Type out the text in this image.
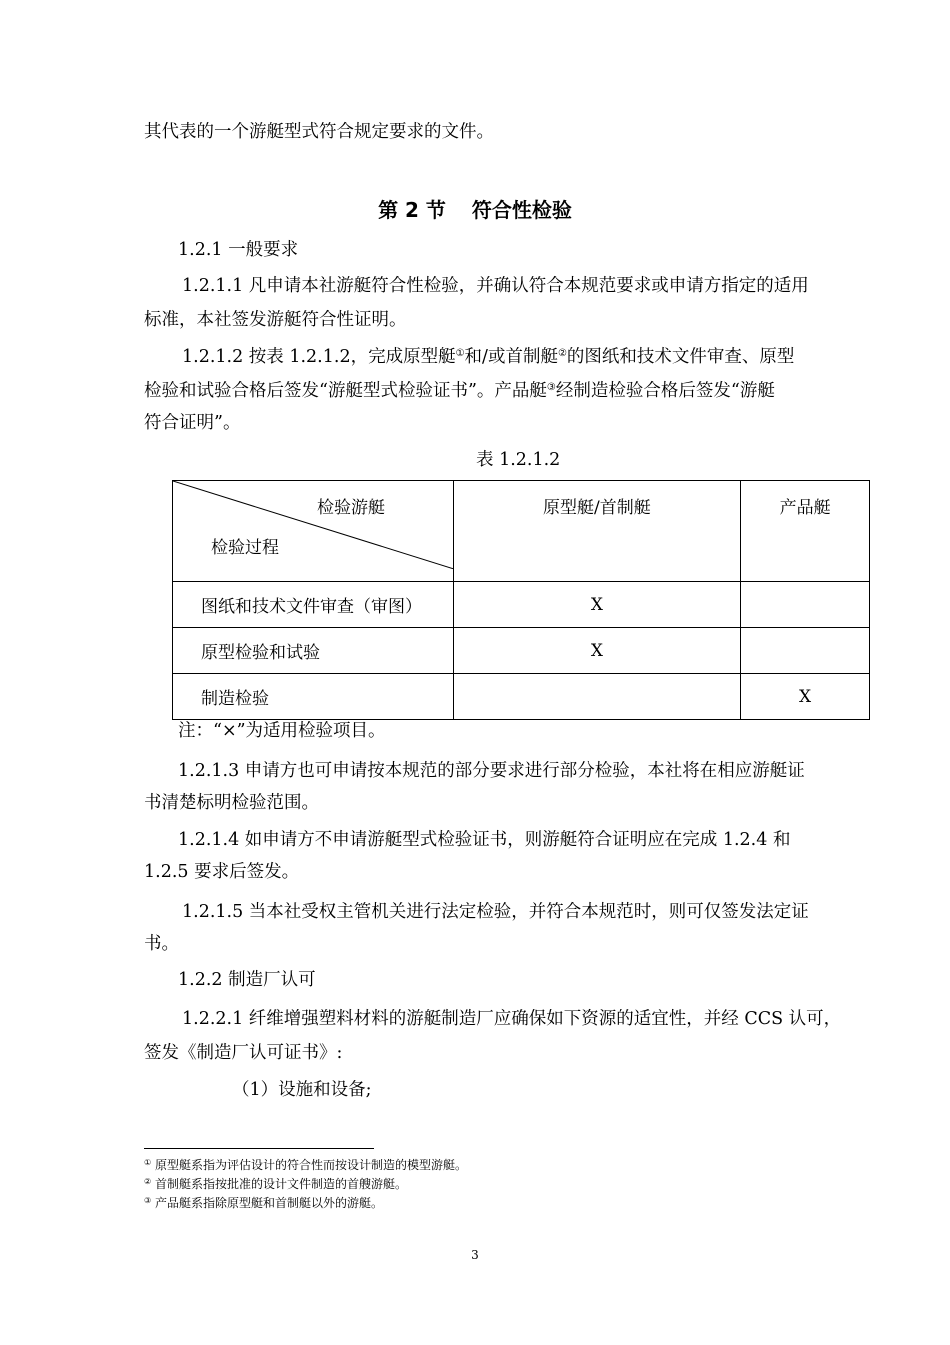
其代表的一个游艇型式符合规定要求的文件。
第 2 节 符合性检验
1.2.1 一般要求
1.2.1.1 凡申请本社游艇符合性检验，并确认符合本规范要求或申请方指定的适用
标准，本社签发游艇符合性证明。
1.2.1.2 按表 1.2.1.2，完成原型艇①和/或首制艇②的图纸和技术文件审查、原型
检验和试验合格后签发“游艇型式检验证书”。产品艇③经制造检验合格后签发“游艇
符合证明”。
表 1.2.1.2
检验游艇
检验过程	原型艇/首制艇	产品艇
图纸和技术文件审查（审图）	X	
原型检验和试验	X	
制造检验		X
注：“×”为适用检验项目。
1.2.1.3 申请方也可申请按本规范的部分要求进行部分检验，本社将在相应游艇证
书清楚标明检验范围。
1.2.1.4 如申请方不申请游艇型式检验证书，则游艇符合证明应在完成 1.2.4 和
1.2.5 要求后签发。
1.2.1.5 当本社受权主管机关进行法定检验，并符合本规范时，则可仅签发法定证
书。
1.2.2 制造厂认可
1.2.2.1 纤维增强塑料材料的游艇制造厂应确保如下资源的适宜性，并经 CCS 认可，
签发《制造厂认可证书》:
（1）设施和设备;
① 原型艇系指为评估设计的符合性而按设计制造的模型游艇。
② 首制艇系指按批准的设计文件制造的首艘游艇。
③ 产品艇系指除原型艇和首制艇以外的游艇。
3
